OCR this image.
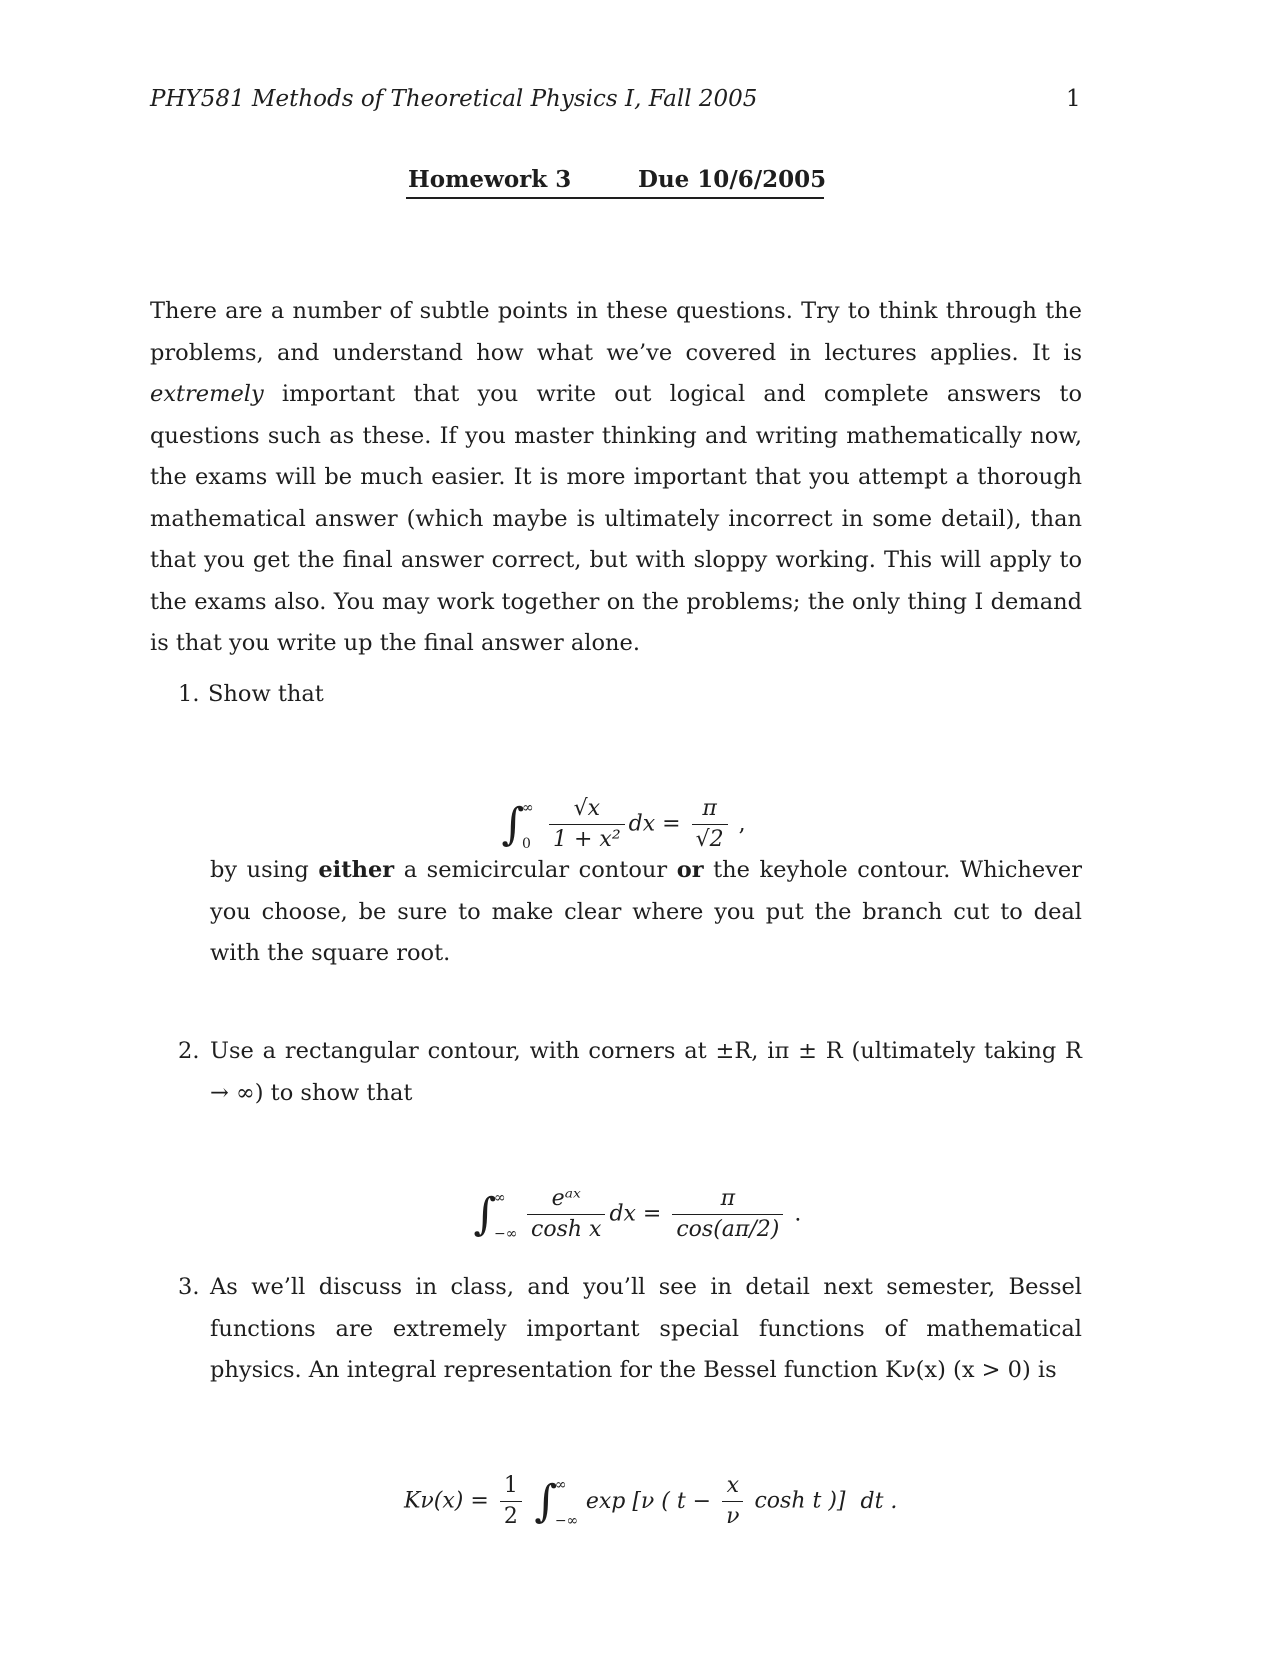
PHY581 Methods of Theoretical Physics I, Fall 2005	1
Homework 3	Due 10/6/2005

There are a number of subtle points in these questions. Try to think through the problems, and understand how what we’ve covered in lectures applies. It is extremely important that you write out logical and complete answers to questions such as these. If you master thinking and writing mathematically now, the exams will be much easier. It is more important that you attempt a thorough mathematical answer (which maybe is ultimately incorrect in some detail), than that you get the final answer correct, but with sloppy working. This will apply to the exams also. You may work together on the problems; the only thing I demand is that you write up the final answer alone.

1. Show that
∫
∞
0
$\frac{√x}{\text{1 + x²}}$ dx = $\frac{\pi}{√2}$ ,

by using either a semicircular contour or the keyhole contour. Whichever you choose, be sure to make clear where you put the branch cut to deal with the square root.

2. Use a rectangular contour, with corners at ±R, iπ ± R (ultimately taking R → ∞) to show that

∫
∞
−∞
$\frac{\text{eᵃˣ}}{\text{cosh x}}$ dx = $\frac{\pi}{\cos(a\pi/2)}$ .
3. As we’ll discuss in class, and you’ll see in detail next semester, Bessel functions are extremely important special functions of mathematical physics. An integral representation for the Bessel function Kν(x) (x > 0) is

$K\nu(x) = \frac{1}{2}$ ∫
∞
−∞
exp [ν ( $t - \frac{x}{\nu}$ cosh t )] dt .
